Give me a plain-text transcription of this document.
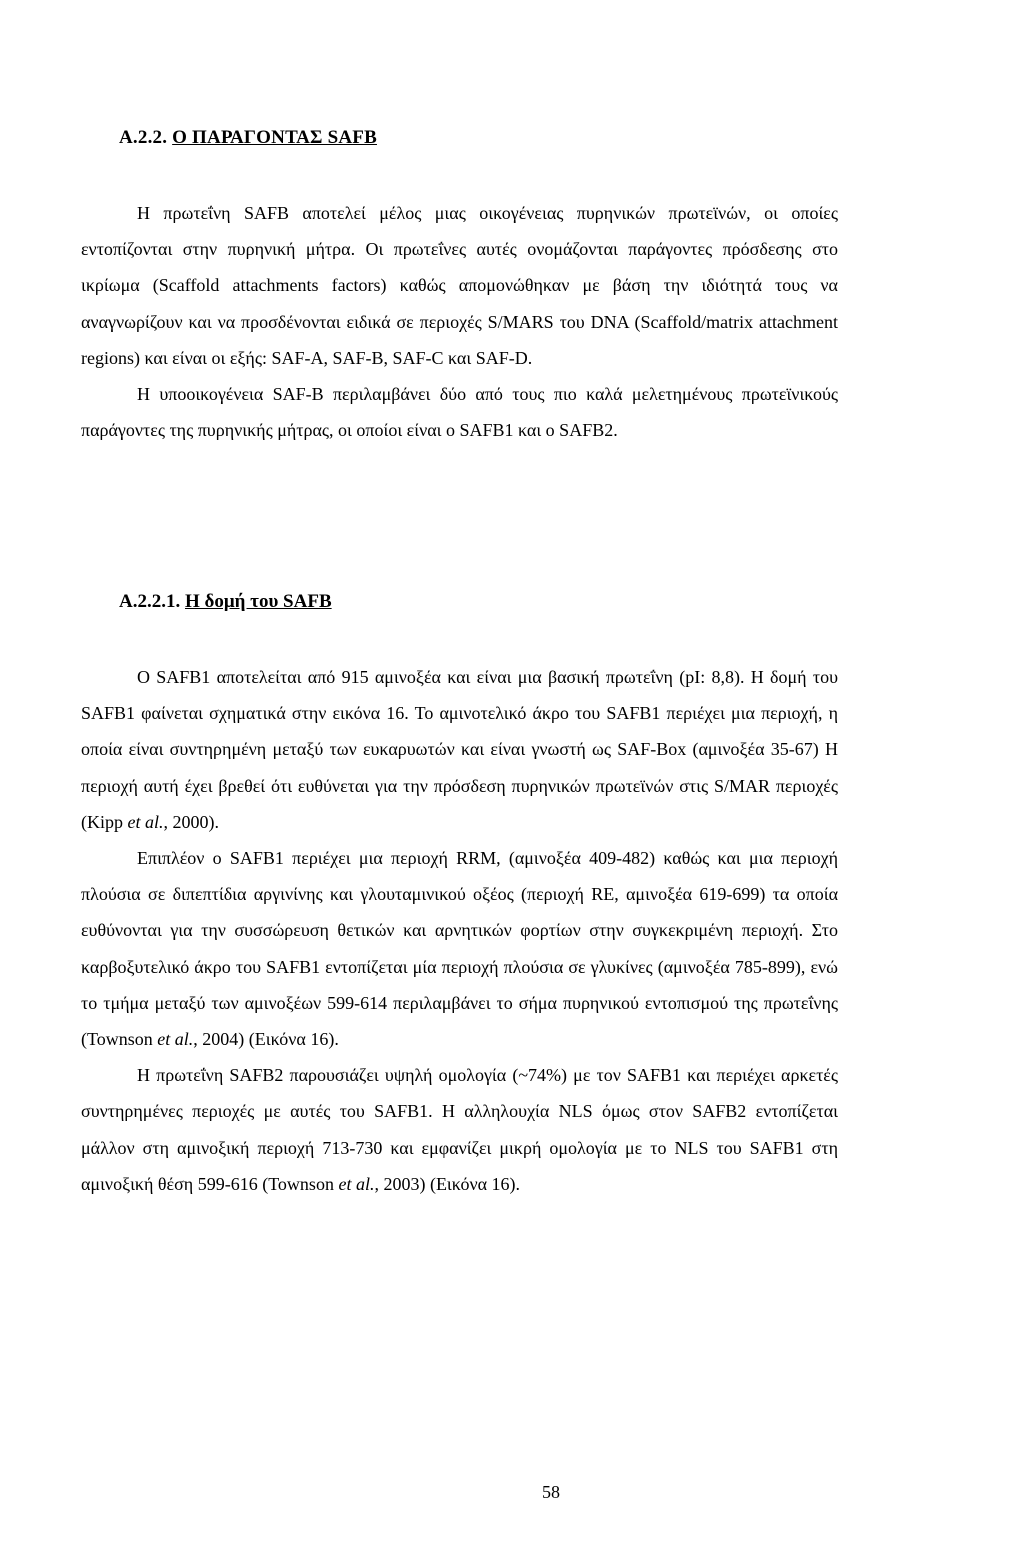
A.2.2. Ο ΠΑΡΑΓΟΝΤΑΣ SAFB

Η πρωτεΐνη SAFB αποτελεί μέλος μιας οικογένειας πυρηνικών πρωτεϊνών, οι οποίες εντοπίζονται στην πυρηνική μήτρα. Οι πρωτεΐνες αυτές ονομάζονται παράγοντες πρόσδεσης στο ικρίωμα (Scaffold attachments factors) καθώς απομονώθηκαν με βάση την ιδιότητά τους να αναγνωρίζουν και να προσδένονται ειδικά σε περιοχές S/MARS του DNA (Scaffold/matrix attachment regions) και είναι οι εξής: SAF-A, SAF-B, SAF-C και SAF-D.

Η υποοικογένεια SAF-B περιλαμβάνει δύο από τους πιο καλά μελετημένους πρωτεϊνικούς παράγοντες της πυρηνικής μήτρας, οι οποίοι είναι ο SAFB1 και ο SAFB2.

A.2.2.1. Η δομή του SAFB

Ο SAFB1 αποτελείται από 915 αμινοξέα και είναι μια βασική πρωτεΐνη (pI: 8,8). Η δομή του SAFB1 φαίνεται σχηματικά στην εικόνα 16. Το αμινοτελικό άκρο του SAFB1 περιέχει μια περιοχή, η οποία είναι συντηρημένη μεταξύ των ευκαρυωτών και είναι γνωστή ως SAF-Box (αμινοξέα 35-67) Η περιοχή αυτή έχει βρεθεί ότι ευθύνεται για την πρόσδεση πυρηνικών πρωτεϊνών στις S/MAR περιοχές (Kipp et al., 2000).

Επιπλέον ο SAFB1 περιέχει μια περιοχή RRM, (αμινοξέα 409-482) καθώς και μια περιοχή πλούσια σε διπεπτίδια αργινίνης και γλουταμινικού οξέος (περιοχή RE, αμινοξέα 619-699) τα οποία ευθύνονται για την συσσώρευση θετικών και αρνητικών φορτίων στην συγκεκριμένη περιοχή. Στο καρβοξυτελικό άκρο του SAFB1 εντοπίζεται μία περιοχή πλούσια σε γλυκίνες (αμινοξέα 785-899), ενώ το τμήμα μεταξύ των αμινοξέων 599-614 περιλαμβάνει το σήμα πυρηνικού εντοπισμού της πρωτεΐνης (Townson et al., 2004) (Εικόνα 16).

Η πρωτεΐνη SAFB2 παρουσιάζει υψηλή ομολογία (~74%) με τον SAFB1 και περιέχει αρκετές συντηρημένες περιοχές με αυτές του SAFB1. Η αλληλουχία NLS όμως στον SAFB2 εντοπίζεται μάλλον στη αμινοξική περιοχή 713-730 και εμφανίζει μικρή ομολογία με το NLS του SAFB1 στη αμινοξική θέση 599-616 (Townson et al., 2003) (Εικόνα 16).

58
